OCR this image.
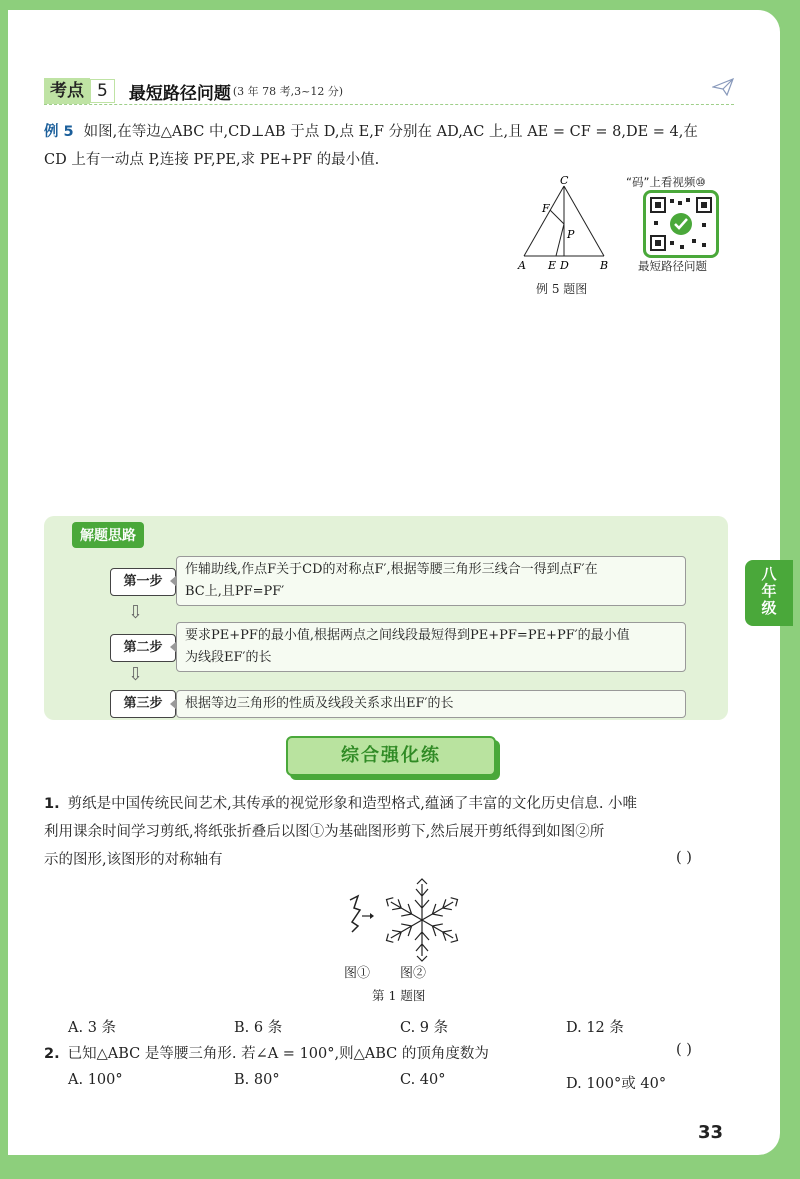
八
年
级
考点 5	最短路径问题 (3 年 78 考,3~12 分)
例 5 如图,在等边△ABC 中,CD⊥AB 于点 D,点 E,F 分别在 AD,AC 上,且 AE = CF = 8,DE = 4,在
CD 上有一动点 P,连接 PF,PE,求 PE+PF 的最小值.
C
F
P
A E D	B
例 5 题图
“码”上看视频⑩
最短路径问题
解题思路
第一步
作辅助线,作点F关于CD的对称点F′,根据等腰三角形三线合一得到点F′在
BC上,且PF=PF′
⇩
第二步
要求PE+PF的最小值,根据两点之间线段最短得到PE+PF=PE+PF′的最小值
为线段EF′的长
⇩
第三步	根据等边三角形的性质及线段关系求出EF′的长
综合强化练
1. 剪纸是中国传统民间艺术,其传承的视觉形象和造型格式,蕴涵了丰富的文化历史信息. 小唯
利用课余时间学习剪纸,将纸张折叠后以图①为基础图形剪下,然后展开剪纸得到如图②所
示的图形,该图形的对称轴有	( )
图① 图②
第 1 题图
A. 3 条	B. 6 条	C. 9 条	D. 12 条
2. 已知△ABC 是等腰三角形. 若∠A = 100°,则△ABC 的顶角度数为	( )
A. 100°	B. 80°	C. 40°	D. 100°或 40°
33
